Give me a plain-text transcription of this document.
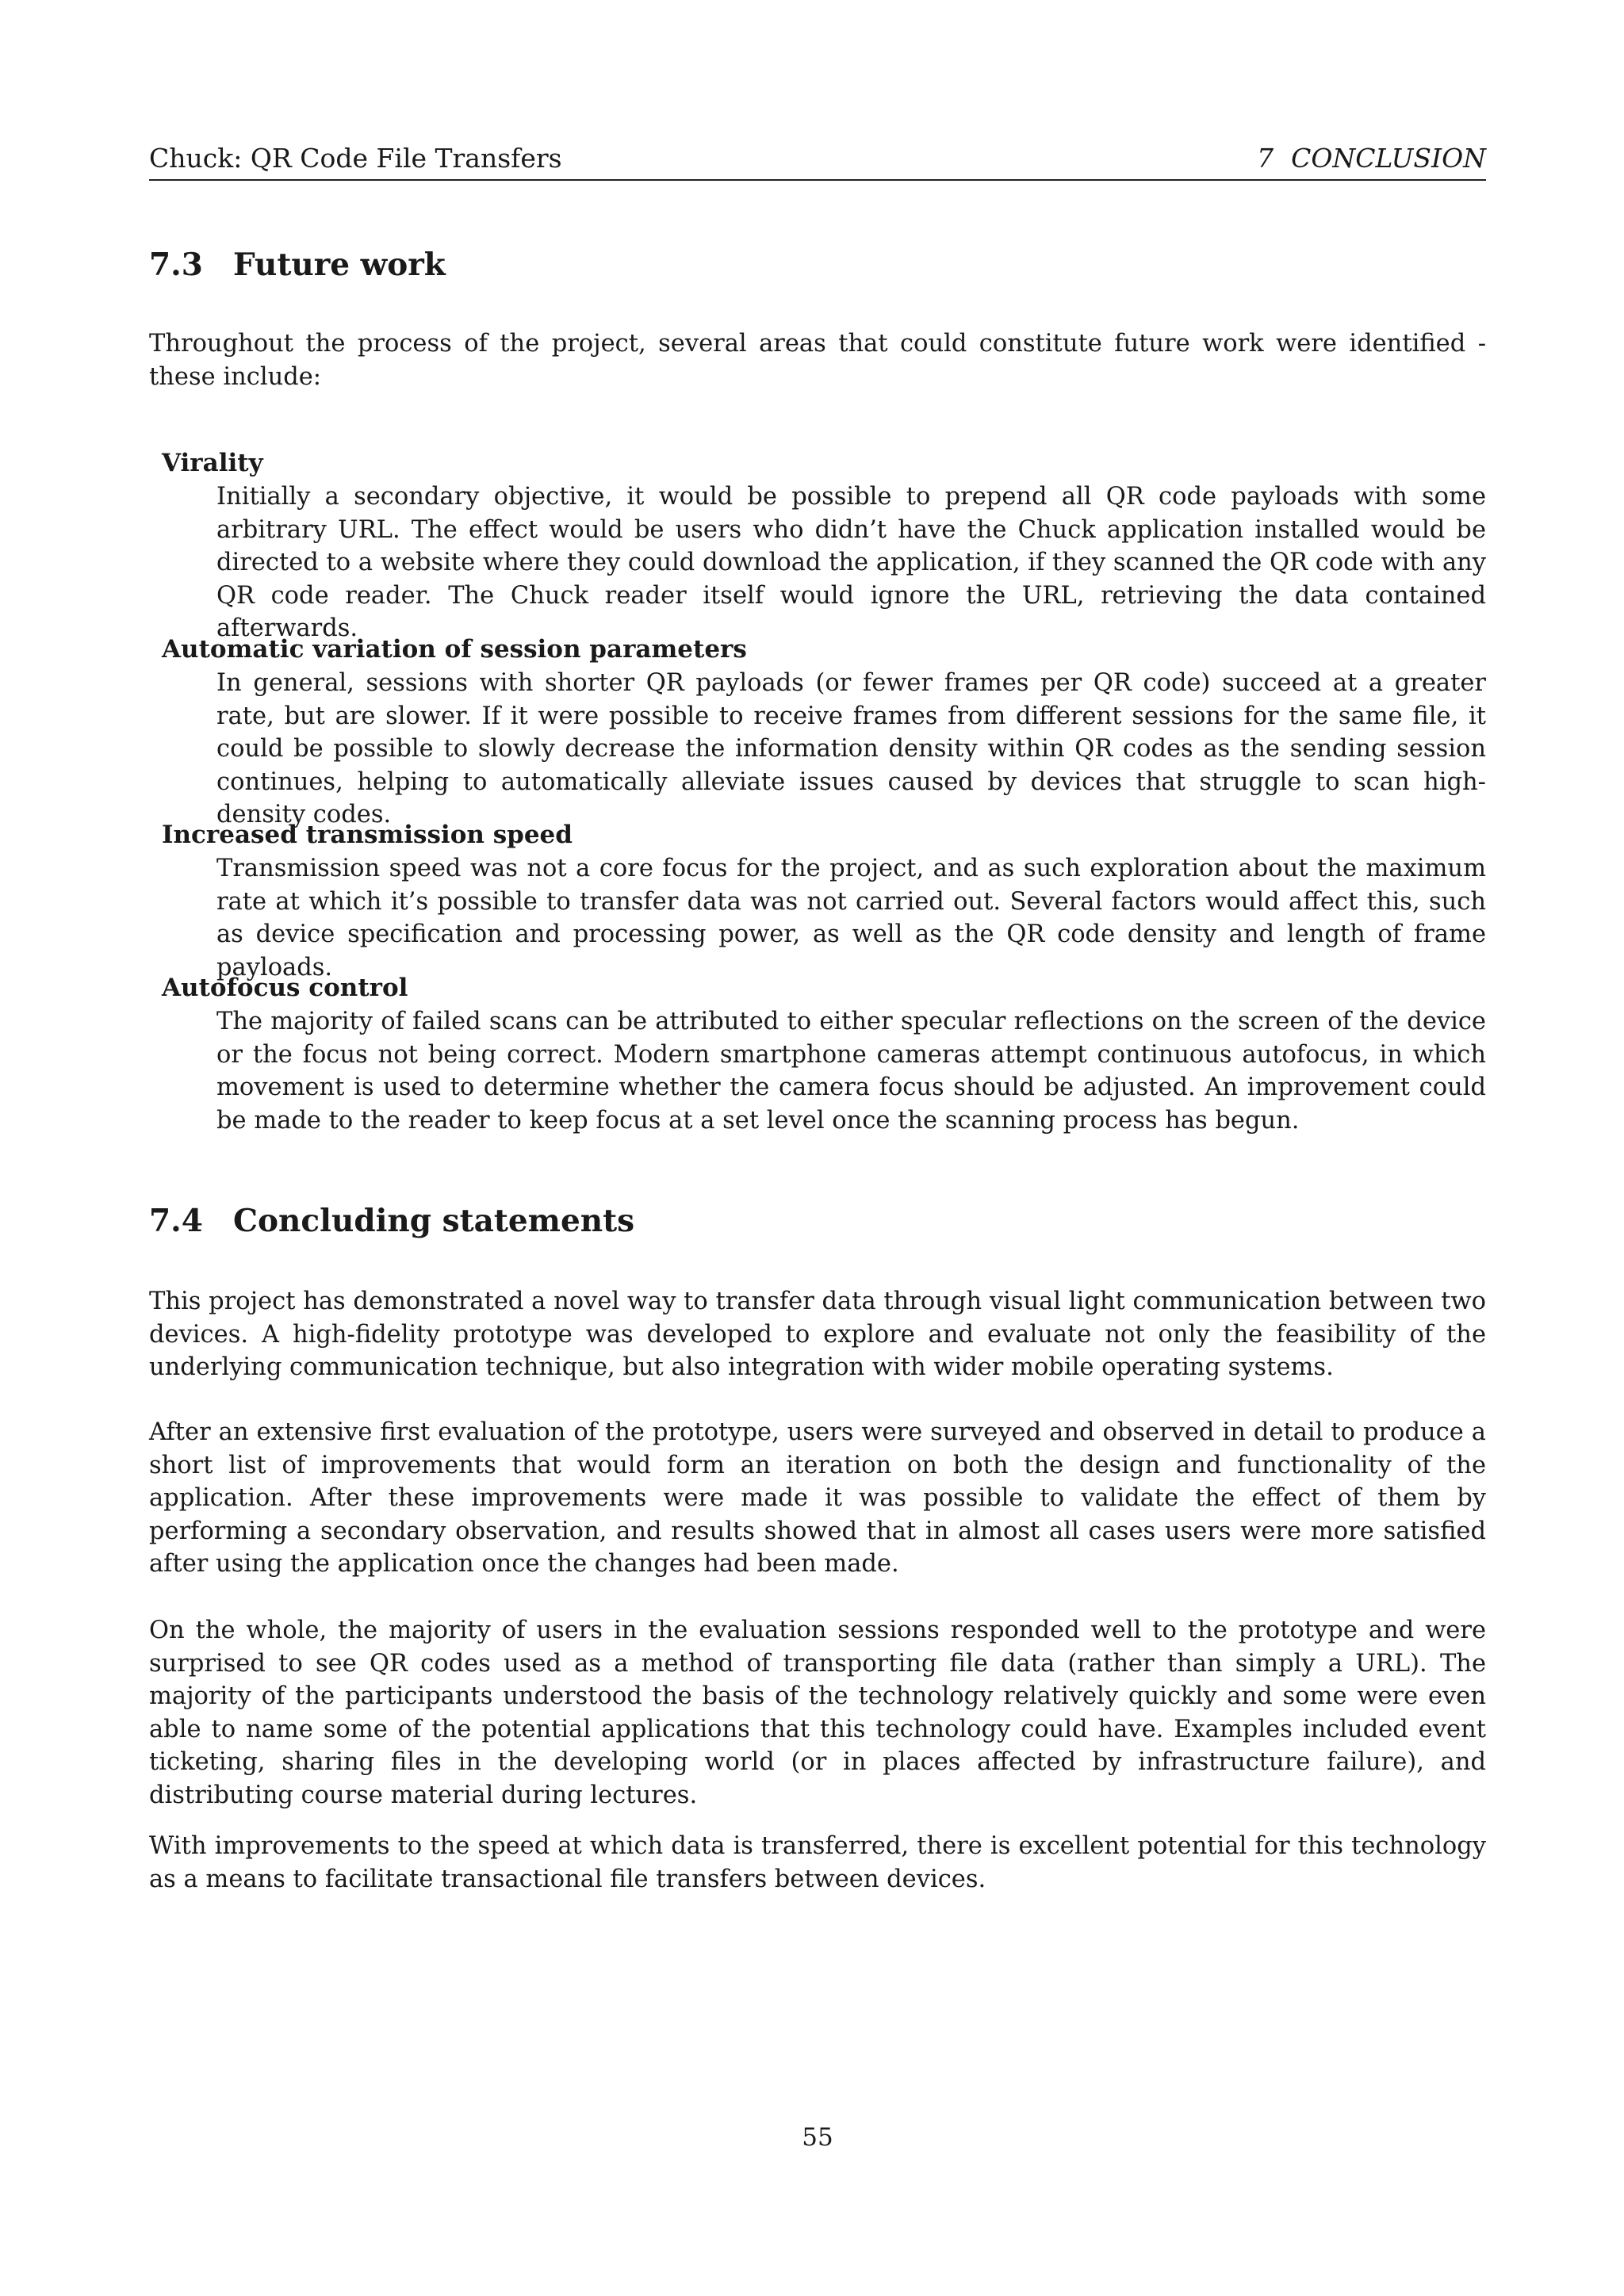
Chuck: QR Code File Transfers	7 CONCLUSION
7.3 Future work

Throughout the process of the project, several areas that could constitute future work were identified - these include:

Virality

Initially a secondary objective, it would be possible to prepend all QR code payloads with some arbitrary URL. The effect would be users who didn’t have the Chuck application installed would be directed to a website where they could download the application, if they scanned the QR code with any QR code reader. The Chuck reader itself would ignore the URL, retrieving the data contained afterwards.

Automatic variation of session parameters

In general, sessions with shorter QR payloads (or fewer frames per QR code) succeed at a greater rate, but are slower. If it were possible to receive frames from different sessions for the same file, it could be possible to slowly decrease the information density within QR codes as the sending session continues, helping to automatically alleviate issues caused by devices that struggle to scan high-density codes.

Increased transmission speed

Transmission speed was not a core focus for the project, and as such exploration about the maximum rate at which it’s possible to transfer data was not carried out. Several factors would affect this, such as device specification and processing power, as well as the QR code density and length of frame payloads.

Autofocus control

The majority of failed scans can be attributed to either specular reflections on the screen of the device or the focus not being correct. Modern smartphone cameras attempt continuous autofocus, in which movement is used to determine whether the camera focus should be adjusted. An improvement could be made to the reader to keep focus at a set level once the scanning process has begun.

7.4 Concluding statements

This project has demonstrated a novel way to transfer data through visual light communication between two devices. A high-fidelity prototype was developed to explore and evaluate not only the feasibility of the underlying communication technique, but also integration with wider mobile operating systems.

After an extensive first evaluation of the prototype, users were surveyed and observed in detail to produce a short list of improvements that would form an iteration on both the design and functionality of the application. After these improvements were made it was possible to validate the effect of them by performing a secondary observation, and results showed that in almost all cases users were more satisfied after using the application once the changes had been made.

On the whole, the majority of users in the evaluation sessions responded well to the prototype and were surprised to see QR codes used as a method of transporting file data (rather than simply a URL). The majority of the participants understood the basis of the technology relatively quickly and some were even able to name some of the potential applications that this technology could have. Examples included event ticketing, sharing files in the developing world (or in places affected by infrastructure failure), and distributing course material during lectures.

With improvements to the speed at which data is transferred, there is excellent potential for this technology as a means to facilitate transactional file transfers between devices.

55
